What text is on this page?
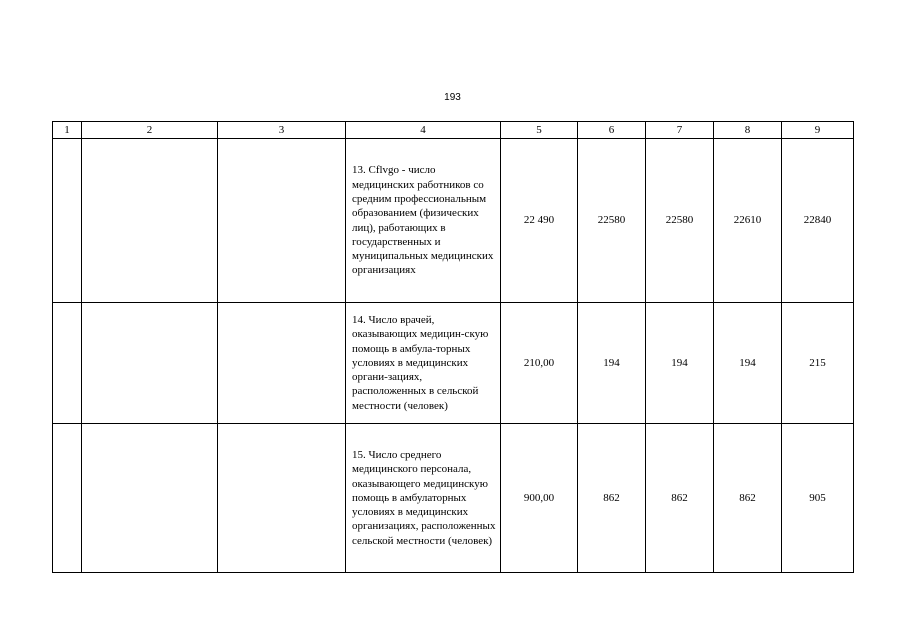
193
1	2	3	4	5	6	7	8	9
			13. Cflvgo - число медицинских работников со средним профессиональным образованием (физических лиц), работающих в государственных и муниципальных медицинских организациях	22 490	22580	22580	22610	22840
			14. Число врачей, оказывающих медицин-скую помощь в амбула-торных условиях в медицинских органи-зациях, расположенных в сельской местности (человек)	210,00	194	194	194	215
			15. Число среднего медицинского персонала, оказывающего медицинскую помощь в амбулаторных условиях в медицинских организациях, расположенных сельской местности (человек)	900,00	862	862	862	905
